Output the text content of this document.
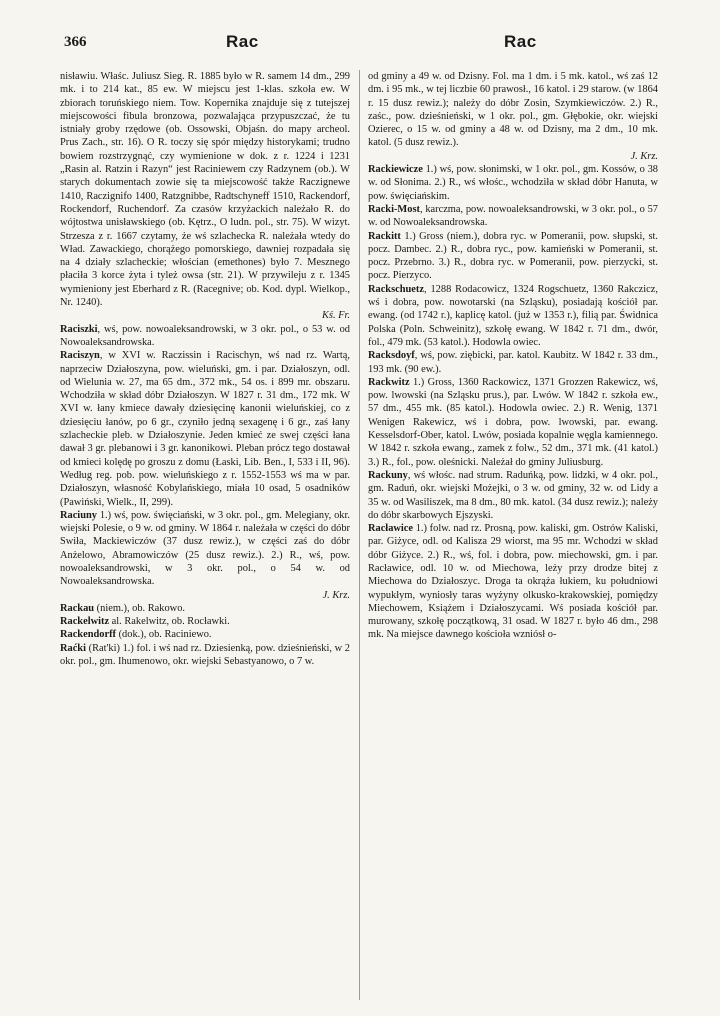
366	Rac	Rac

nisławiu. Właśc. Juliusz Sieg. R. 1885 było w R. samem 14 dm., 299 mk. i to 214 kat., 85 ew. W miejscu jest 1-klas. szkoła ew. W zbiorach toruńskiego niem. Tow. Kopernika znajduje się z tutejszej miejscowości fibula bronzowa, pozwalająca przypuszczać, że tu istniały groby rzędowe (ob. Ossowski, Objaśn. do mapy archeol. Prus Zach., str. 16). O R. toczy się spór między historykami; trudno bowiem rozstrzygnąć, czy wymienione w dok. z r. 1224 i 1231 „Rasin al. Ratzin i Razyn“ jest Raciniewem czy Radzynem (ob.). W starych dokumentach zowie się ta miejscowość także Raczignewe 1410, Raczignifo 1400, Ratzgnibbe, Radtschyneff 1510, Rackendorf, Rockendorf, Ruchendorf. Za czasów krzyżackich należało R. do wójtostwa unisławskiego (ob. Kętrz., O ludn. pol., str. 75). W wizyt. Strzesza z r. 1667 czytamy, że wś szlachecka R. należała wtedy do Wład. Zawackiego, chorążego pomorskiego, dawniej rozpadała się na 4 działy szlacheckie; włościan (emethones) było 7. Mesznego płaciła 3 korce żyta i tyleż owsa (str. 21). W przywileju z r. 1345 wymieniony jest Eberhard z R. (Racegnive; ob. Kod. dypl. Wielkop., Nr. 1240).

Kś. Fr.

Raciszki, wś, pow. nowoaleksandrowski, w 3 okr. pol., o 53 w. od Nowoaleksandrowska.

Raciszyn, w XVI w. Raczissin i Racischyn, wś nad rz. Wartą, naprzeciw Działoszyna, pow. wieluński, gm. i par. Działoszyn, odl. od Wielunia w. 27, ma 65 dm., 372 mk., 54 os. i 899 mr. obszaru. Wchodziła w skład dóbr Działoszyn. W 1827 r. 31 dm., 172 mk. W XVI w. łany kmiece dawały dziesięcinę kanonii wieluńskiej, co z dziesięciu łanów, po 6 gr., czyniło jedną sexagenę i 6 gr., zaś łany szlacheckie pleb. w Działoszynie. Jeden kmieć ze swej części łana dawał 3 gr. plebanowi i 3 gr. kanonikowi. Pleban prócz tego dostawał od kmieci kolędę po groszu z domu (Łaski, Lib. Ben., I, 533 i II, 96). Według reg. pob. pow. wieluńskiego z r. 1552-1553 wś ma w par. Działoszyn, własność Kobylańskiego, miała 10 osad, 5 osadników (Pawiński, Wielk., II, 299).

Raciuny 1.) wś, pow. święciański, w 3 okr. pol., gm. Melegiany, okr. wiejski Polesie, o 9 w. od gminy. W 1864 r. należała w części do dóbr Swiła, Mackiewiczów (37 dusz rewiz.), w części zaś do dóbr Anżelowo, Abramowiczów (25 dusz rewiz.). 2.) R., wś, pow. nowoaleksandrowski, w 3 okr. pol., o 54 w. od Nowoaleksandrowska.

J. Krz.

Rackau (niem.), ob. Rakowo.

Rackelwitz al. Rakelwitz, ob. Rocławki.

Rackendorff (dok.), ob. Raciniewo.

Raćki (Rat'ki) 1.) fol. i wś nad rz. Dziesienką, pow. dzieśnieński, w 2 okr. pol., gm. Ihumenowo, okr. wiejski Sebastyanowo, o 7 w.

od gminy a 49 w. od Dzisny. Fol. ma 1 dm. i 5 mk. katol., wś zaś 12 dm. i 95 mk., w tej liczbie 60 prawosł., 16 katol. i 29 starow. (w 1864 r. 15 dusz rewiz.); należy do dóbr Zosin, Szymkiewiczów. 2.) R., zaśc., pow. dzieśnieński, w 1 okr. pol., gm. Głębokie, okr. wiejski Ozierec, o 15 w. od gminy a 48 w. od Dzisny, ma 2 dm., 10 mk. katol. (5 dusz rewiz.).

J. Krz.

Rackiewicze 1.) wś, pow. słonimski, w 1 okr. pol., gm. Kossów, o 38 w. od Słonima. 2.) R., wś włośc., wchodziła w skład dóbr Hanuta, w pow. święciańskim.

Racki-Most, karczma, pow. nowoaleksandrowski, w 3 okr. pol., o 57 w. od Nowoaleksandrowska.

Rackitt 1.) Gross (niem.), dobra ryc. w Pomeranii, pow. słupski, st. pocz. Dambec. 2.) R., dobra ryc., pow. kamieński w Pomeranii, st. pocz. Przebrno. 3.) R., dobra ryc. w Pomeranii, pow. pierzycki, st. pocz. Pierzyco.

Rackschuetz, 1288 Rodacowicz, 1324 Rogschuetz, 1360 Rakczicz, wś i dobra, pow. nowotarski (na Szląsku), posiadają kościół par. ewang. (od 1742 r.), kaplicę katol. (już w 1353 r.), filią par. Świdnica Polska (Poln. Schweinitz), szkołę ewang. W 1842 r. 71 dm., dwór, fol., 479 mk. (53 katol.). Hodowla owiec.

Racksdoyf, wś, pow. ziębicki, par. katol. Kaubitz. W 1842 r. 33 dm., 193 mk. (90 ew.).

Rackwitz 1.) Gross, 1360 Rackowicz, 1371 Grozzen Rakewicz, wś, pow. lwowski (na Szląsku prus.), par. Lwów. W 1842 r. szkoła ew., 57 dm., 455 mk. (85 katol.). Hodowla owiec. 2.) R. Wenig, 1371 Wenigen Rakewicz, wś i dobra, pow. lwowski, par. ewang. Kesselsdorf-Ober, katol. Lwów, posiada kopalnie węgla kamiennego. W 1842 r. szkoła ewang., zamek z folw., 52 dm., 371 mk. (41 katol.) 3.) R., fol., pow. oleśnicki. Należał do gminy Juliusburg.

Rackuny, wś włośc. nad strum. Raduńką, pow. lidzki, w 4 okr. pol., gm. Raduń, okr. wiejski Możejki, o 3 w. od gminy, 32 w. od Lidy a 35 w. od Wasiliszek, ma 8 dm., 80 mk. katol. (34 dusz rewiz.); należy do dóbr skarbowych Ejszyski.

Racławice 1.) folw. nad rz. Prosną, pow. kaliski, gm. Ostrów Kaliski, par. Giżyce, odl. od Kalisza 29 wiorst, ma 95 mr. Wchodzi w skład dóbr Giżyce. 2.) R., wś, fol. i dobra, pow. miechowski, gm. i par. Racławice, odl. 10 w. od Miechowa, leży przy drodze bitej z Miechowa do Działoszyc. Droga ta okrąża łukiem, ku południowi wypukłym, wyniosły taras wyżyny olkusko-krakowskiej, pomiędzy Miechowem, Książem i Działoszycami. Wś posiada kościół par. murowany, szkołę początkową, 31 osad. W 1827 r. było 46 dm., 298 mk. Na miejsce dawnego kościoła wzniósł o-
